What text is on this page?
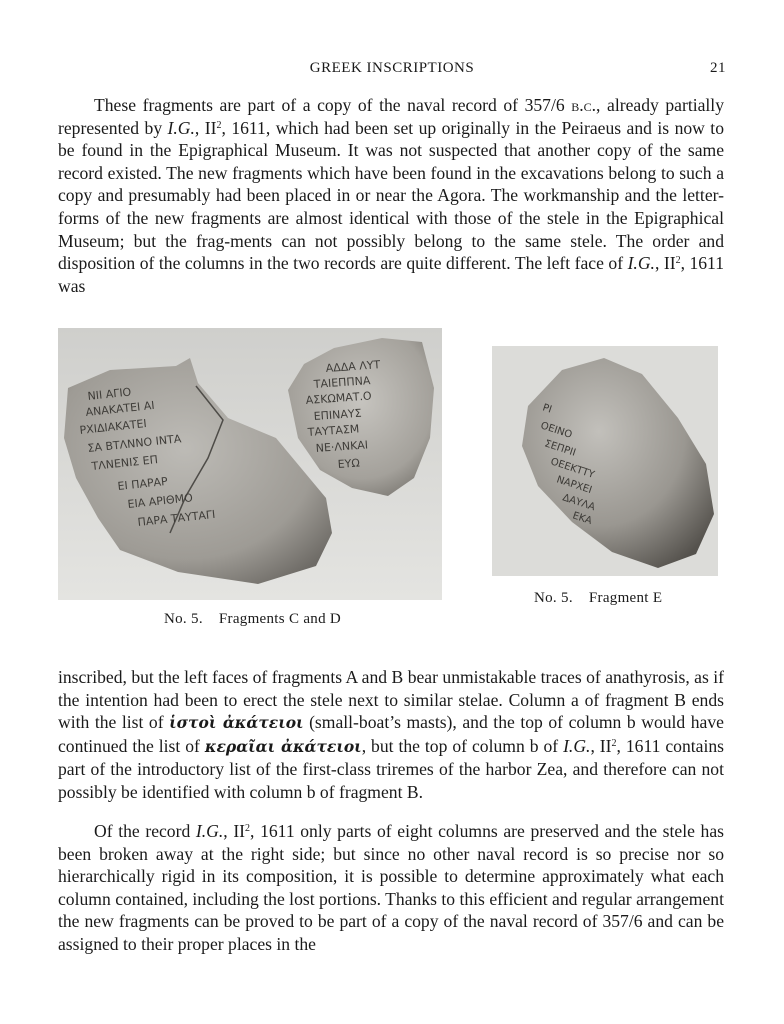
GREEK INSCRIPTIONS	21

These fragments are part of a copy of the naval record of 357/6 b.c., already partially represented by I.G., $II^2$, 1611, which had been set up originally in the Peiraeus and is now to be found in the Epigraphical Museum. It was not suspected that another copy of the same record existed. The new fragments which have been found in the excavations belong to such a copy and presumably had been placed in or near the Agora. The workmanship and the letter-forms of the new fragments are almost identical with those of the stele in the Epigraphical Museum; but the frag-ments can not possibly belong to the same stele. The order and disposition of the columns in the two records are quite different. The left face of I.G., $II^2$, 1611 was

ΝΙΙ ΑΓΙΟ
ΑΝΑΚΑΤΕΙ ΑΙ
ΡΧΙΔΙΑΚΑΤΕΙ
ΣΑ ΒΤΛΝΝΟ ΙΝΤΑ
ΤΛΝΕΝΙΣ ΕΠ
ΕΙ ΠΑΡΑΡ
ΕΙΑ ΑΡΙΘΜΟ
ΠΑΡΑ ΤΑΥΤΑΓΙ
ΑΔΔΑ ΛΥΤ
ΤΑΙΕΠΠΝΑ
ΑΣΚΩΜΑΤ.Ο
ΕΠΙΝΑΥΣ
ΤΑΥΤΑΣΜ
ΝΕ·ΛΝΚΑΙ
ΕΥΩ
ΡΙ
ΟΕΙΝΟ
ΣΕΠΡΙΙ
ΟΕΕΚΤΤΥ
ΝΑΡΧΕΙ
ΔΑΥΛΑ
ΕΚΑ
No. 5. Fragments C and D
No. 5. Fragment E

inscribed, but the left faces of fragments A and B bear unmistakable traces of anathyrosis, as if the intention had been to erect the stele next to similar stelae. Column a of fragment B ends with the list of ἱστοὶ ἀκάτειοι (small-boat’s masts), and the top of column b would have continued the list of κεραῖαι ἀκάτειοι, but the top of column b of I.G., $II^2$, 1611 contains part of the introductory list of the first-class triremes of the harbor Zea, and therefore can not possibly be identified with column b of fragment B.

Of the record I.G., $II^2$, 1611 only parts of eight columns are preserved and the stele has been broken away at the right side; but since no other naval record is so precise nor so hierarchically rigid in its composition, it is possible to determine approximately what each column contained, including the lost portions. Thanks to this efficient and regular arrangement the new fragments can be proved to be part of a copy of the naval record of 357/6 and can be assigned to their proper places in the
